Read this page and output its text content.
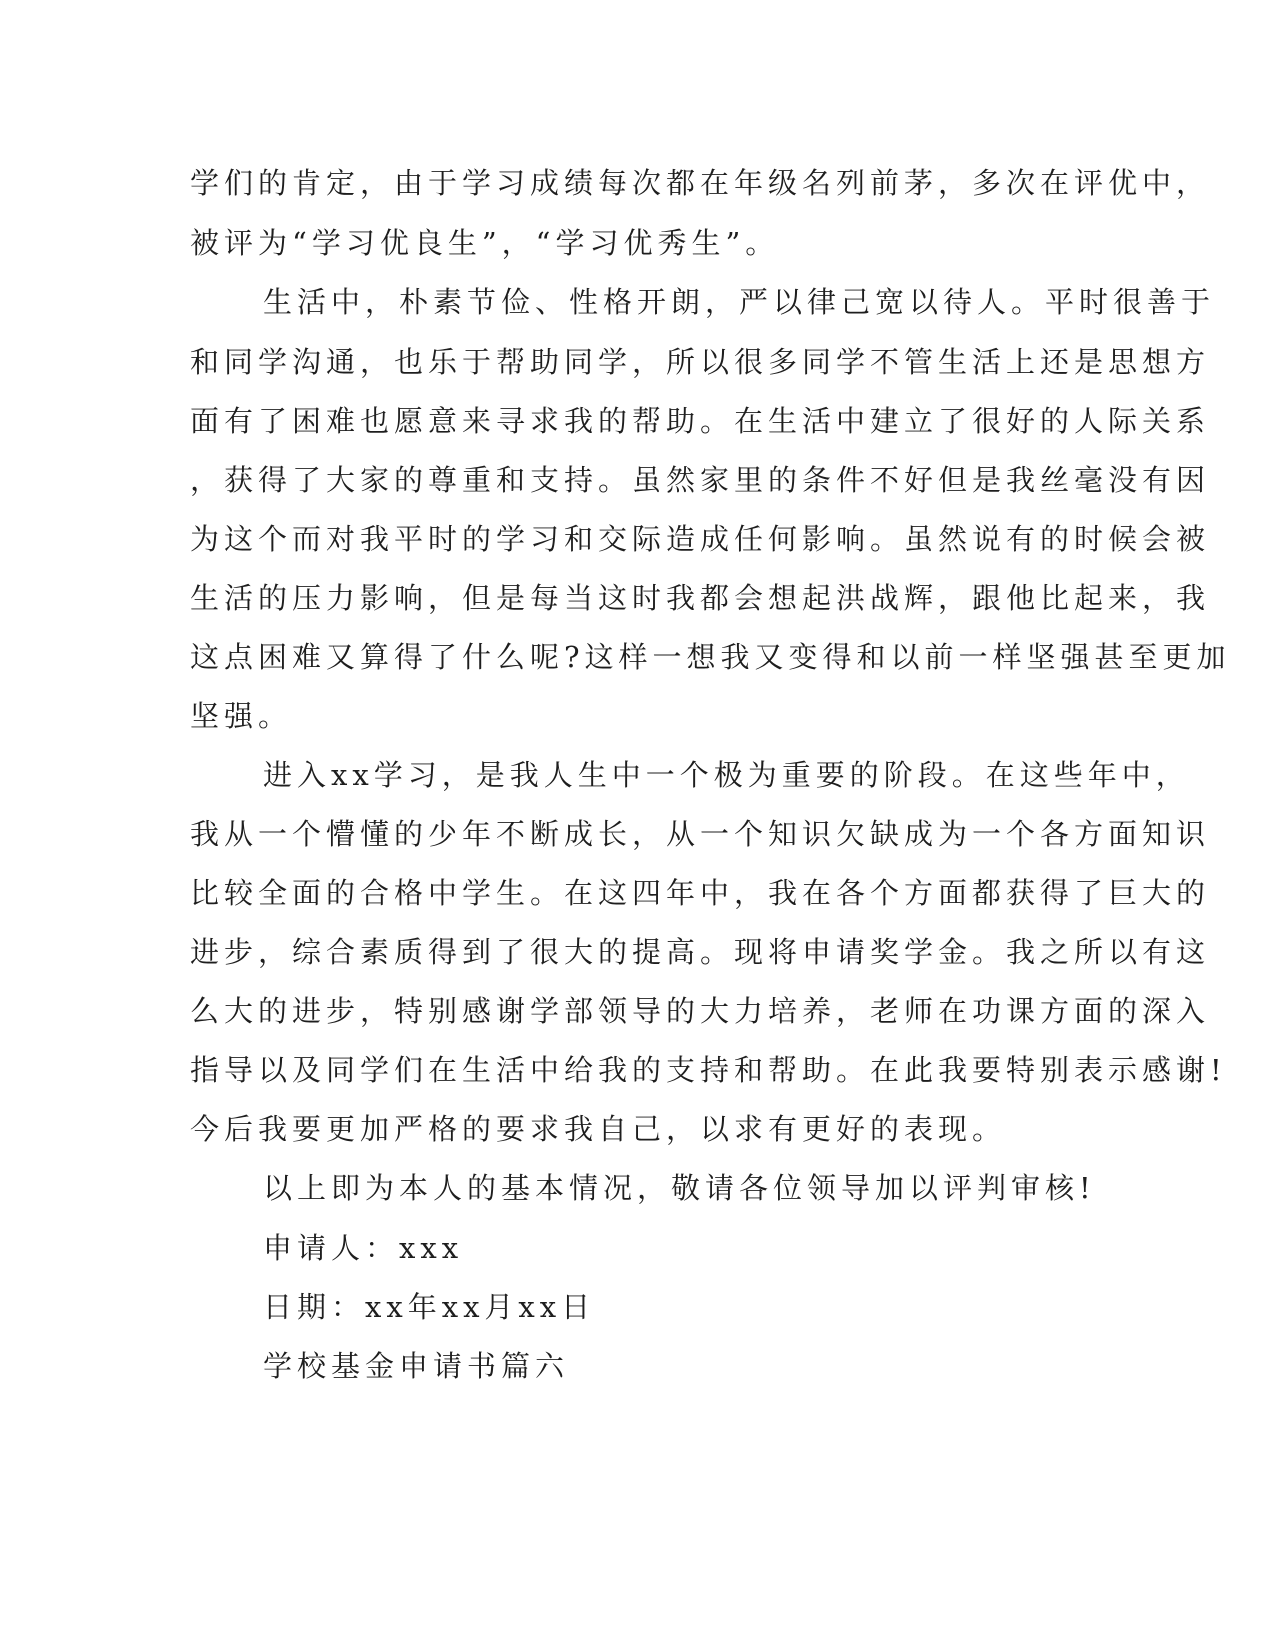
学们的肯定，由于学习成绩每次都在年级名列前茅，多次在评优中，
被评为“学习优良生”，“学习优秀生”。
生活中，朴素节俭、性格开朗，严以律己宽以待人。平时很善于
和同学沟通，也乐于帮助同学，所以很多同学不管生活上还是思想方
面有了困难也愿意来寻求我的帮助。在生活中建立了很好的人际关系
，获得了大家的尊重和支持。虽然家里的条件不好但是我丝毫没有因
为这个而对我平时的学习和交际造成任何影响。虽然说有的时候会被
生活的压力影响，但是每当这时我都会想起洪战辉，跟他比起来，我
这点困难又算得了什么呢?这样一想我又变得和以前一样坚强甚至更加
坚强。
进入xx学习，是我人生中一个极为重要的阶段。在这些年中，
我从一个懵懂的少年不断成长，从一个知识欠缺成为一个各方面知识
比较全面的合格中学生。在这四年中，我在各个方面都获得了巨大的
进步，综合素质得到了很大的提高。现将申请奖学金。我之所以有这
么大的进步，特别感谢学部领导的大力培养，老师在功课方面的深入
指导以及同学们在生活中给我的支持和帮助。在此我要特别表示感谢!
今后我要更加严格的要求我自己，以求有更好的表现。
以上即为本人的基本情况，敬请各位领导加以评判审核!
申请人：xxx
日期：xx年xx月xx日
学校基金申请书篇六
